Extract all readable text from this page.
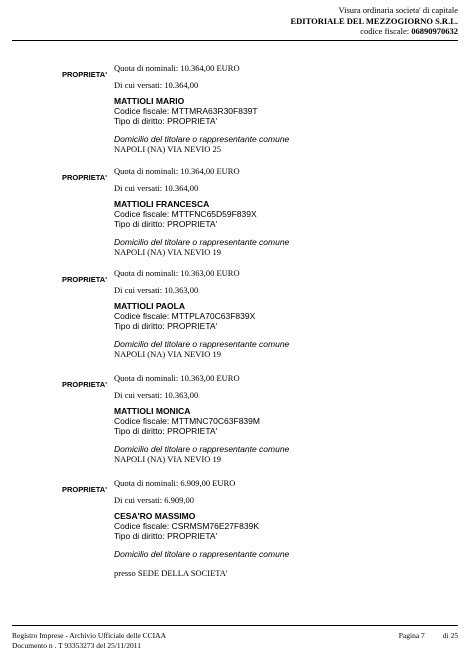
Visura ordinaria societa' di capitale
EDITORIALE DEL MEZZOGIORNO S.R.L.
codice fiscale: 06890970632
PROPRIETA'
Quota di nominali: 10.364,00 EURO
Di cui versati: 10.364,00
MATTIOLI MARIO
Codice fiscale: MTTMRA63R30F839T
Tipo di diritto: PROPRIETA'
Domicilio del titolare o rappresentante comune
NAPOLI (NA) VIA NEVIO 25
PROPRIETA'
Quota di nominali: 10.364,00 EURO
Di cui versati: 10.364,00
MATTIOLI FRANCESCA
Codice fiscale: MTTFNC65D59F839X
Tipo di diritto: PROPRIETA'
Domicilio del titolare o rappresentante comune
NAPOLI (NA) VIA NEVIO 19
PROPRIETA'
Quota di nominali: 10.363,00 EURO
Di cui versati: 10.363,00
MATTIOLI PAOLA
Codice fiscale: MTTPLA70C63F839X
Tipo di diritto: PROPRIETA'
Domicilio del titolare o rappresentante comune
NAPOLI (NA) VIA NEVIO 19
PROPRIETA'
Quota di nominali: 10.363,00 EURO
Di cui versati: 10.363,00
MATTIOLI MONICA
Codice fiscale: MTTMNC70C63F839M
Tipo di diritto: PROPRIETA'
Domicilio del titolare o rappresentante comune
NAPOLI (NA) VIA NEVIO 19
PROPRIETA'
Quota di nominali: 6.909,00 EURO
Di cui versati: 6.909,00
CESA'RO MASSIMO
Codice fiscale: CSRMSM76E27F839K
Tipo di diritto: PROPRIETA'
Domicilio del titolare o rappresentante comune
presso SEDE DELLA SOCIETA'
Registro Imprese - Archivio Ufficiale delle CCIAA
Documento n . T 93353273 del 25/11/2011
Pagina 7 di 25
